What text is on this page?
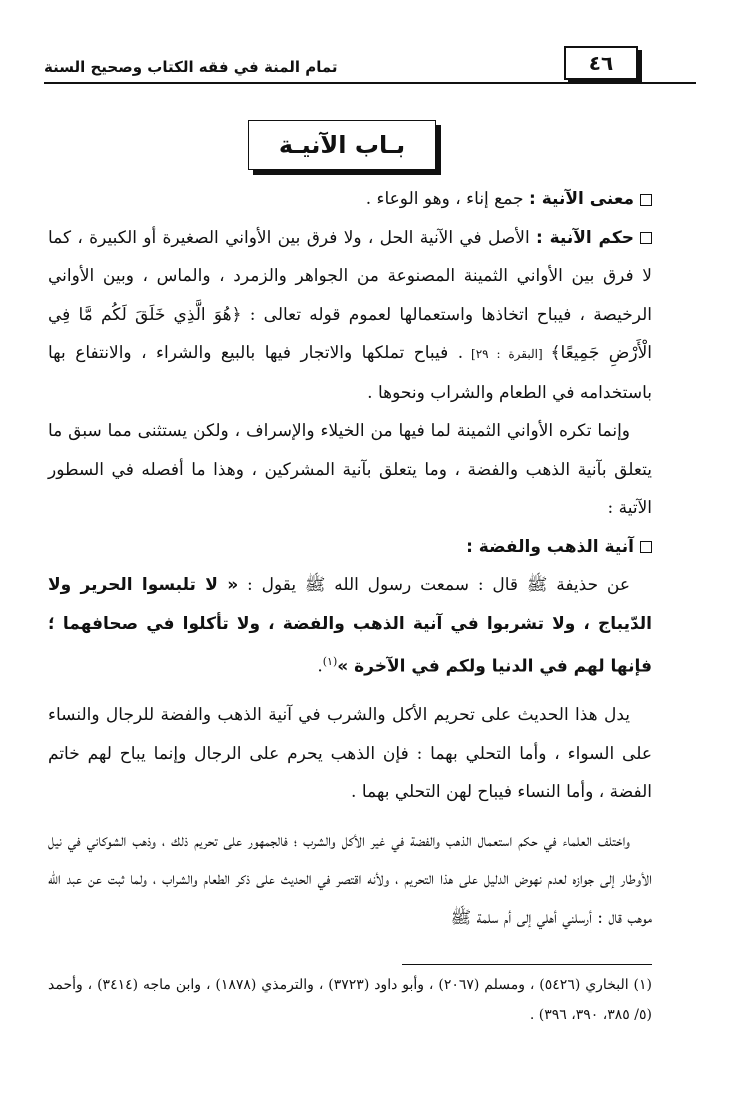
٤٦
تمام المنة في فقه الكتاب وصحيح السنة
بـاب الآنيـة

معنى الآنية : جمع إناء ، وهو الوعاء .

حكم الآنية : الأصل في الآنية الحل ، ولا فرق بين الأواني الصغيرة أو الكبيرة ، كما لا فرق بين الأواني الثمينة المصنوعة من الجواهر والزمرد ، والماس ، وبين الأواني الرخيصة ، فيباح اتخاذها واستعمالها لعموم قوله تعالى : ﴿هُوَ الَّذِي خَلَقَ لَكُم مَّا فِي الْأَرْضِ جَمِيعًا﴾ [البقرة : ٢٩] . فيباح تملكها والاتجار فيها بالبيع والشراء ، والانتفاع بها باستخدامه في الطعام والشراب ونحوها .

وإنما تكره الأواني الثمينة لما فيها من الخيلاء والإسراف ، ولكن يستثنى مما سبق ما يتعلق بآنية الذهب والفضة ، وما يتعلق بآنية المشركين ، وهذا ما أفصله في السطور الآتية :

آنية الذهب والفضة :

عن حذيفة ﷺ قال : سمعت رسول الله ﷺ يقول : « لا تلبسوا الحرير ولا الدّيباج ، ولا تشربوا في آنية الذهب والفضة ، ولا تأكلوا في صحافهما ؛ فإنها لهم في الدنيا ولكم في الآخرة »$^{(١)}$.

يدل هذا الحديث على تحريم الأكل والشرب في آنية الذهب والفضة للرجال والنساء على السواء ، وأما التحلي بهما : فإن الذهب يحرم على الرجال وإنما يباح لهم خاتم الفضة ، وأما النساء فيباح لهن التحلي بهما .

واختلف العلماء في حكم استعمال الذهب والفضة في غير الأكل والشرب ؛ فالجمهور على تحريم ذلك ، وذهب الشوكاني في نيل الأوطار إلى جوازه لعدم نهوض الدليل على هذا التحريم ، ولأنه اقتصر في الحديث على ذكر الطعام والشراب ، ولما ثبت عن عبد الله موهب قال : أرسلني أهلي إلى أم سلمة ﷺ

(١) البخاري (٥٤٢٦) ، ومسلم (٢٠٦٧) ، وأبو داود (٣٧٢٣) ، والترمذي (١٨٧٨) ، وابن ماجه (٣٤١٤) ، وأحمد (٥/ ٣٨٥، ٣٩٠، ٣٩٦) .
